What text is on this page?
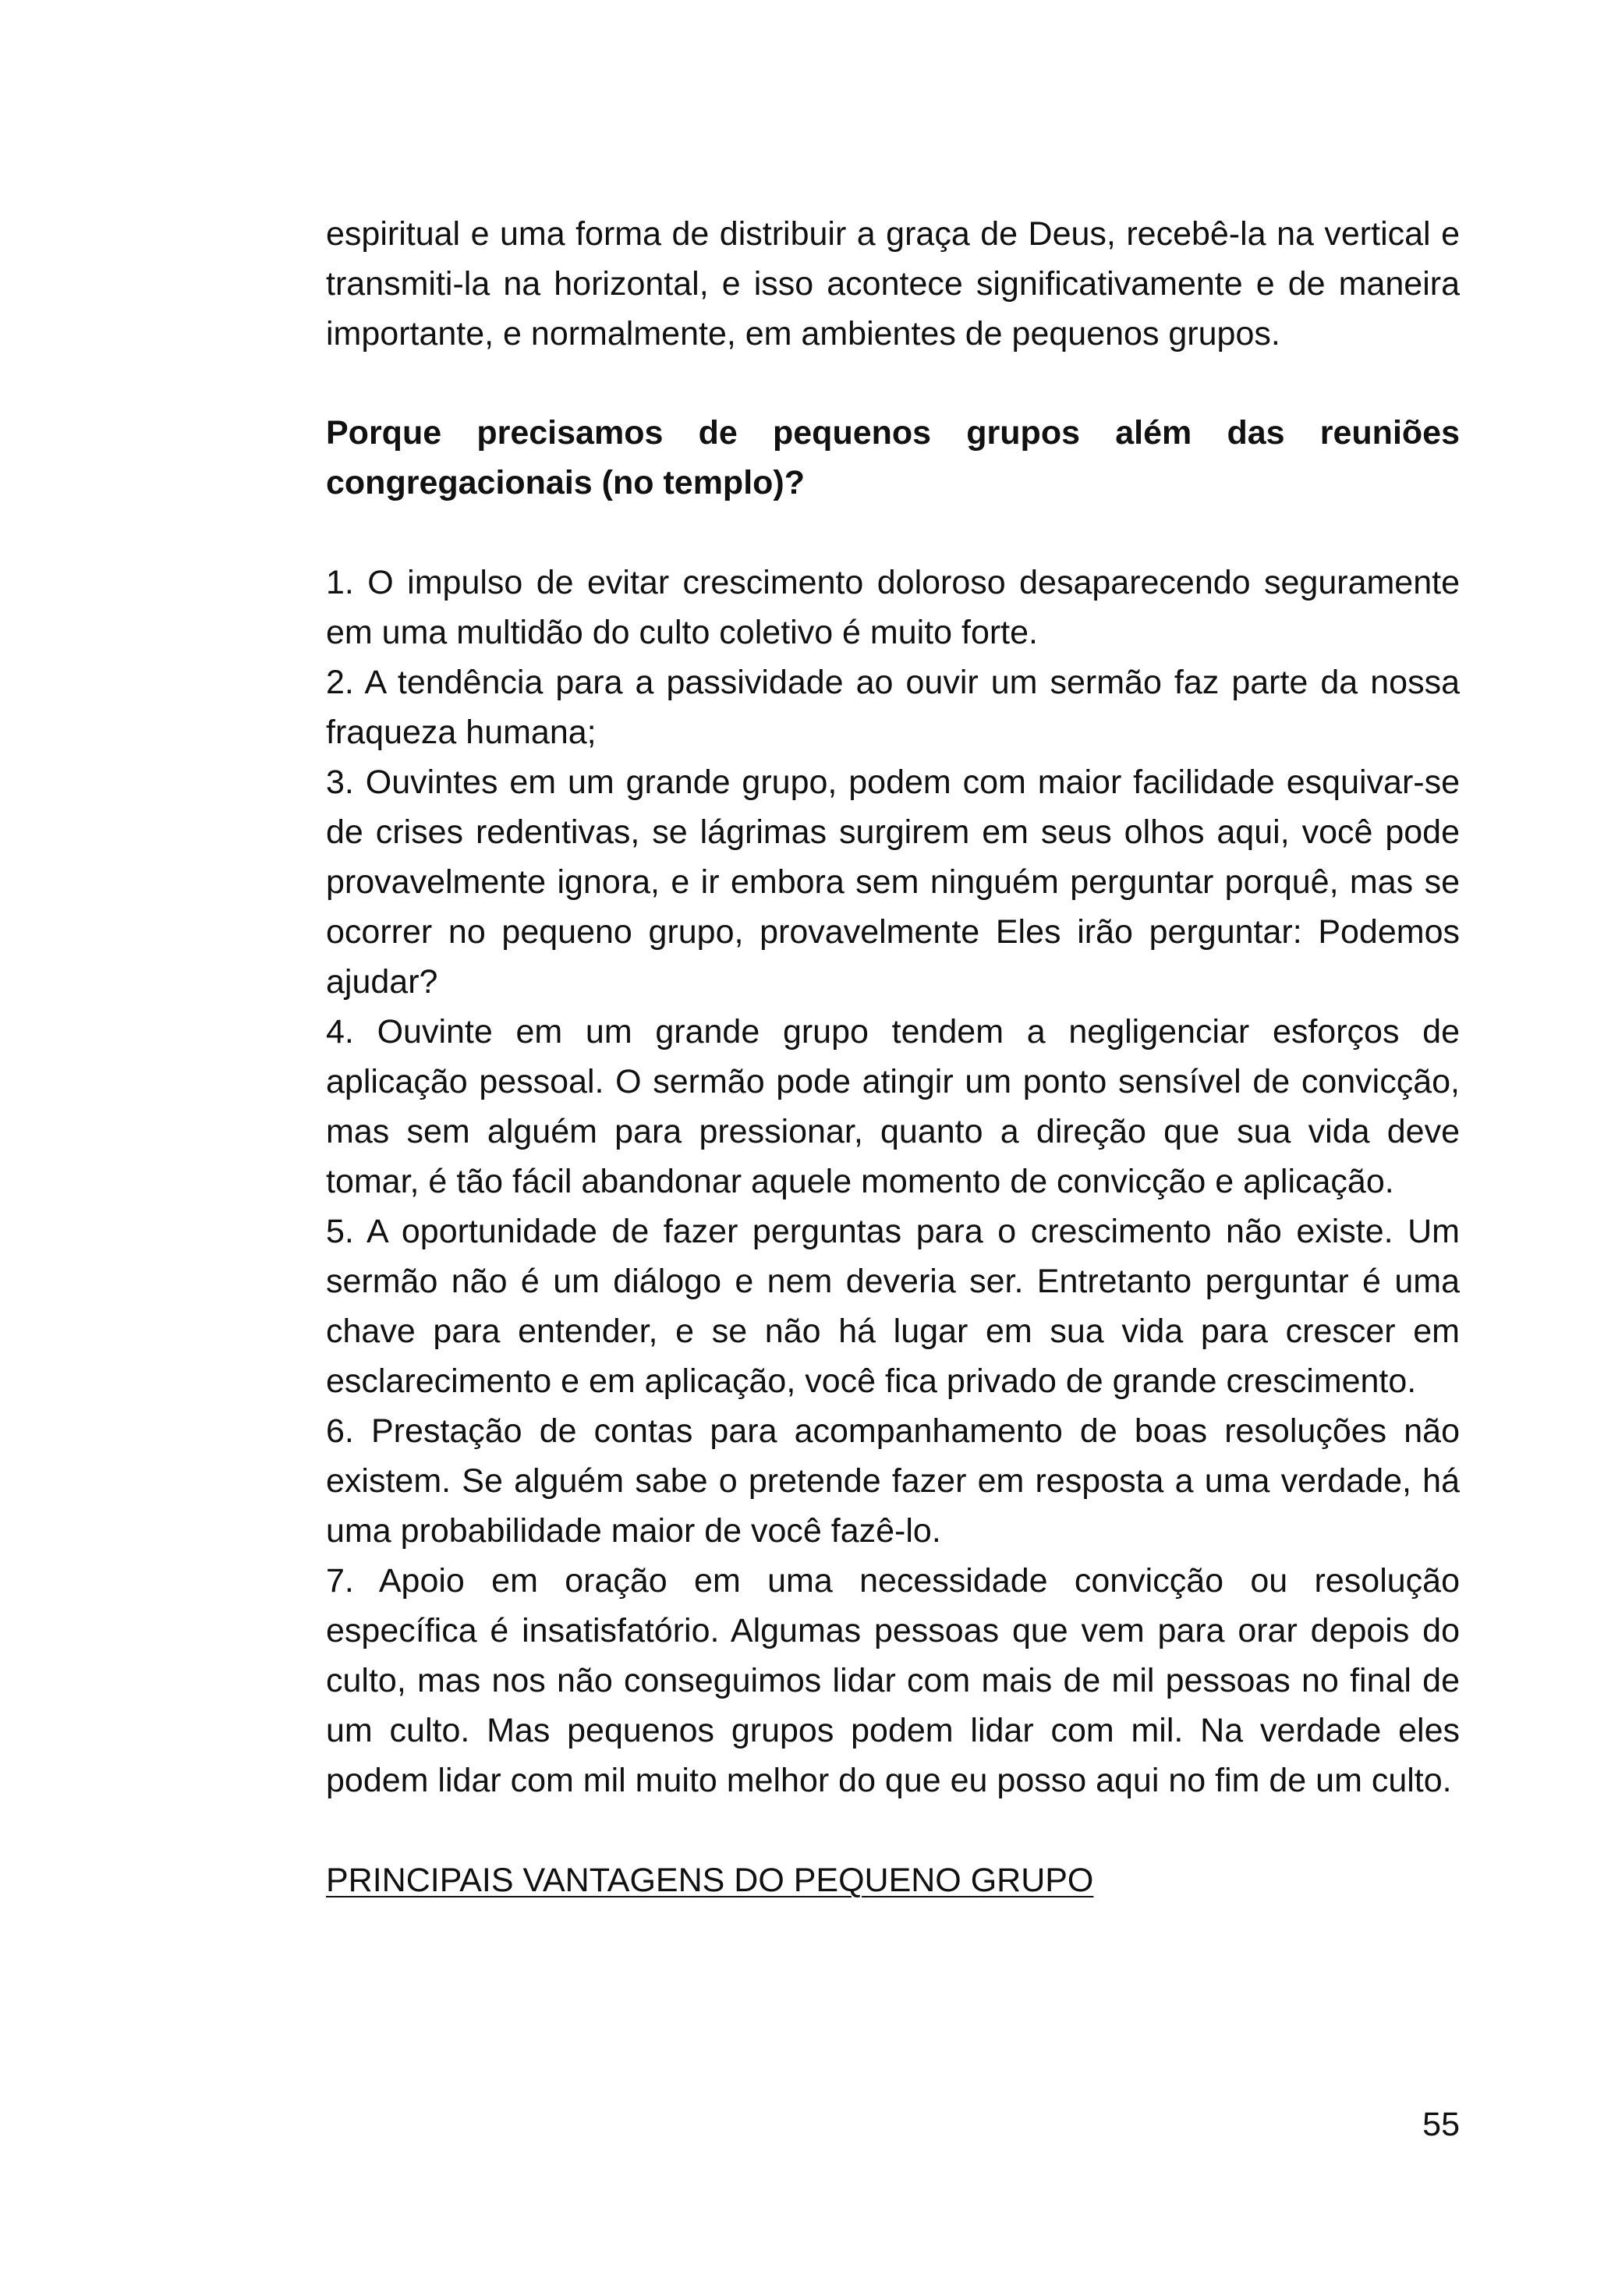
espiritual e uma forma de distribuir a graça de Deus, recebê-la na vertical e transmiti-la na horizontal, e isso acontece significativamente e de maneira importante, e normalmente, em ambientes de pequenos grupos.

Porque precisamos de pequenos grupos além das reuniões congregacionais (no templo)?

1. O impulso de evitar crescimento doloroso desaparecendo seguramente em uma multidão do culto coletivo é muito forte.
2. A tendência para a passividade ao ouvir um sermão faz parte da nossa fraqueza humana;
3. Ouvintes em um grande grupo, podem com maior facilidade esquivar-se de crises redentivas, se lágrimas surgirem em seus olhos aqui, você pode provavelmente ignora, e ir embora sem ninguém perguntar porquê, mas se ocorrer no pequeno grupo, provavelmente Eles irão perguntar: Podemos ajudar?
4. Ouvinte em um grande grupo tendem a negligenciar esforços de aplicação pessoal. O sermão pode atingir um ponto sensível de convicção, mas sem alguém para pressionar, quanto a direção que sua vida deve tomar, é tão fácil abandonar aquele momento de convicção e aplicação.
5. A oportunidade de fazer perguntas para o crescimento não existe. Um sermão não é um diálogo e nem deveria ser. Entretanto perguntar é uma chave para entender, e se não há lugar em sua vida para crescer em esclarecimento e em aplicação, você fica privado de grande crescimento.
6. Prestação de contas para acompanhamento de boas resoluções não existem. Se alguém sabe o pretende fazer em resposta a uma verdade, há uma probabilidade maior de você fazê-lo.
7. Apoio em oração em uma necessidade convicção ou resolução específica é insatisfatório. Algumas pessoas que vem para orar depois do culto, mas nos não conseguimos lidar com mais de mil pessoas no final de um culto. Mas pequenos grupos podem lidar com mil. Na verdade eles podem lidar com mil muito melhor do que eu posso aqui no fim de um culto.

PRINCIPAIS VANTAGENS DO PEQUENO GRUPO

55
